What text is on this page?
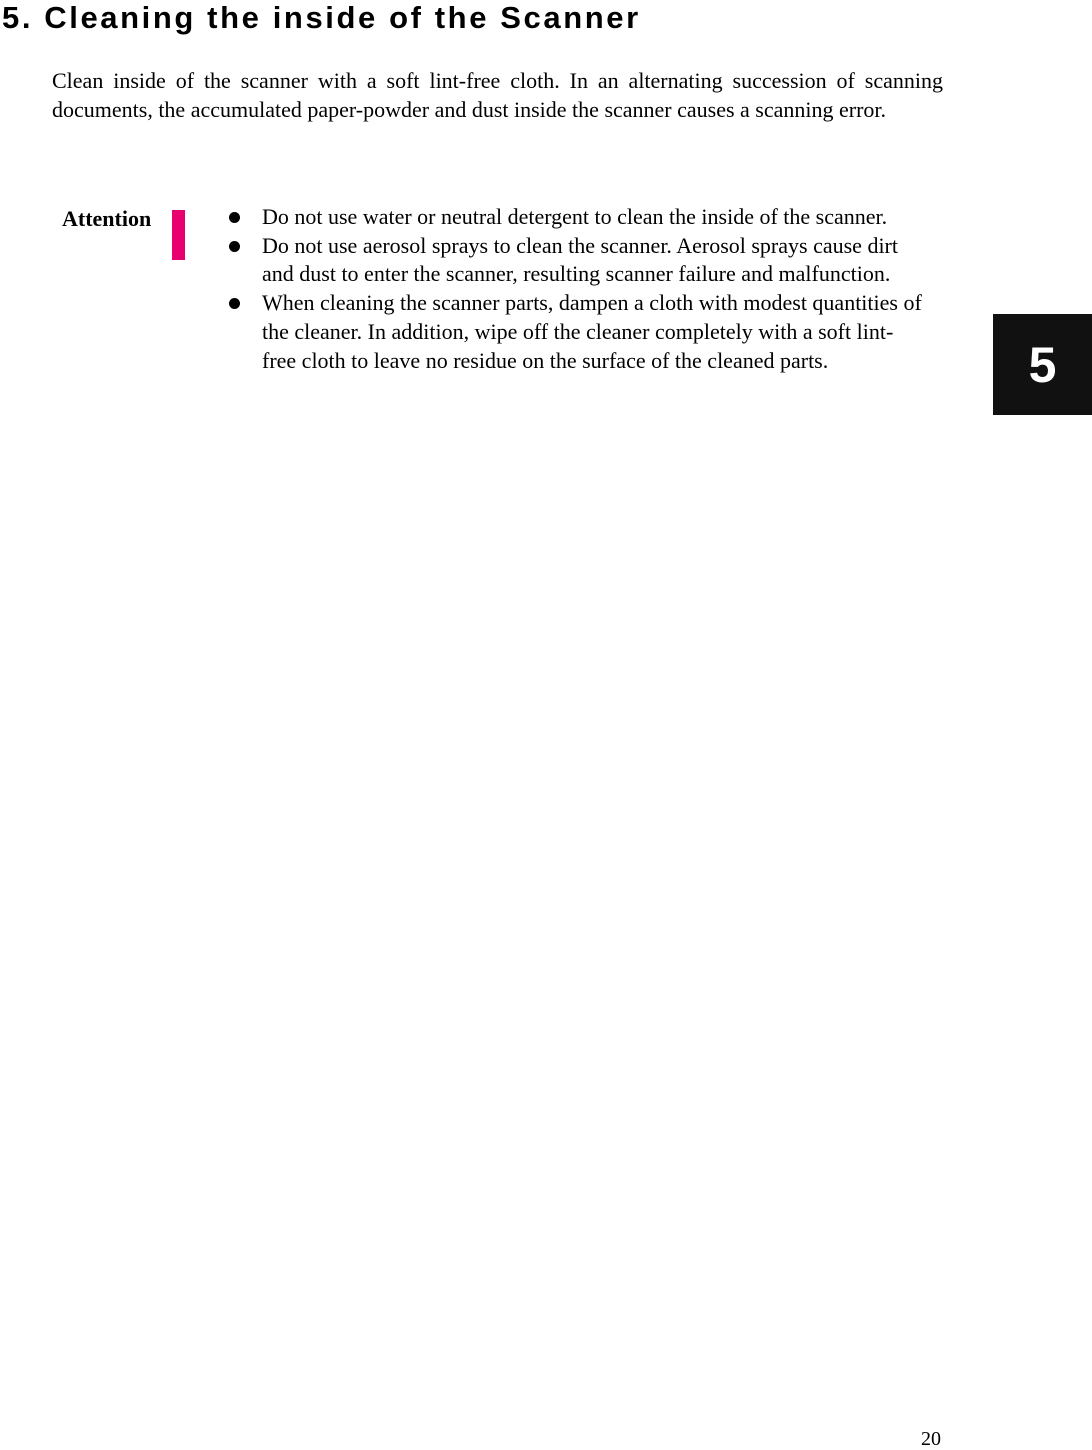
5. Cleaning the inside of the Scanner

Clean inside of the scanner with a soft lint-free cloth. In an alternating succession of scanning documents, the accumulated paper-powder and dust inside the scanner causes a scanning error.

Attention	Do not use water or neutral detergent to clean the inside of the scanner.
Do not use aerosol sprays to clean the scanner. Aerosol sprays cause dirt and dust to enter the scanner, resulting scanner failure and malfunction.
When cleaning the scanner parts, dampen a cloth with modest quantities of the cleaner. In addition, wipe off the cleaner completely with a soft lint-free cloth to leave no residue on the surface of the cleaned parts.	5
20
